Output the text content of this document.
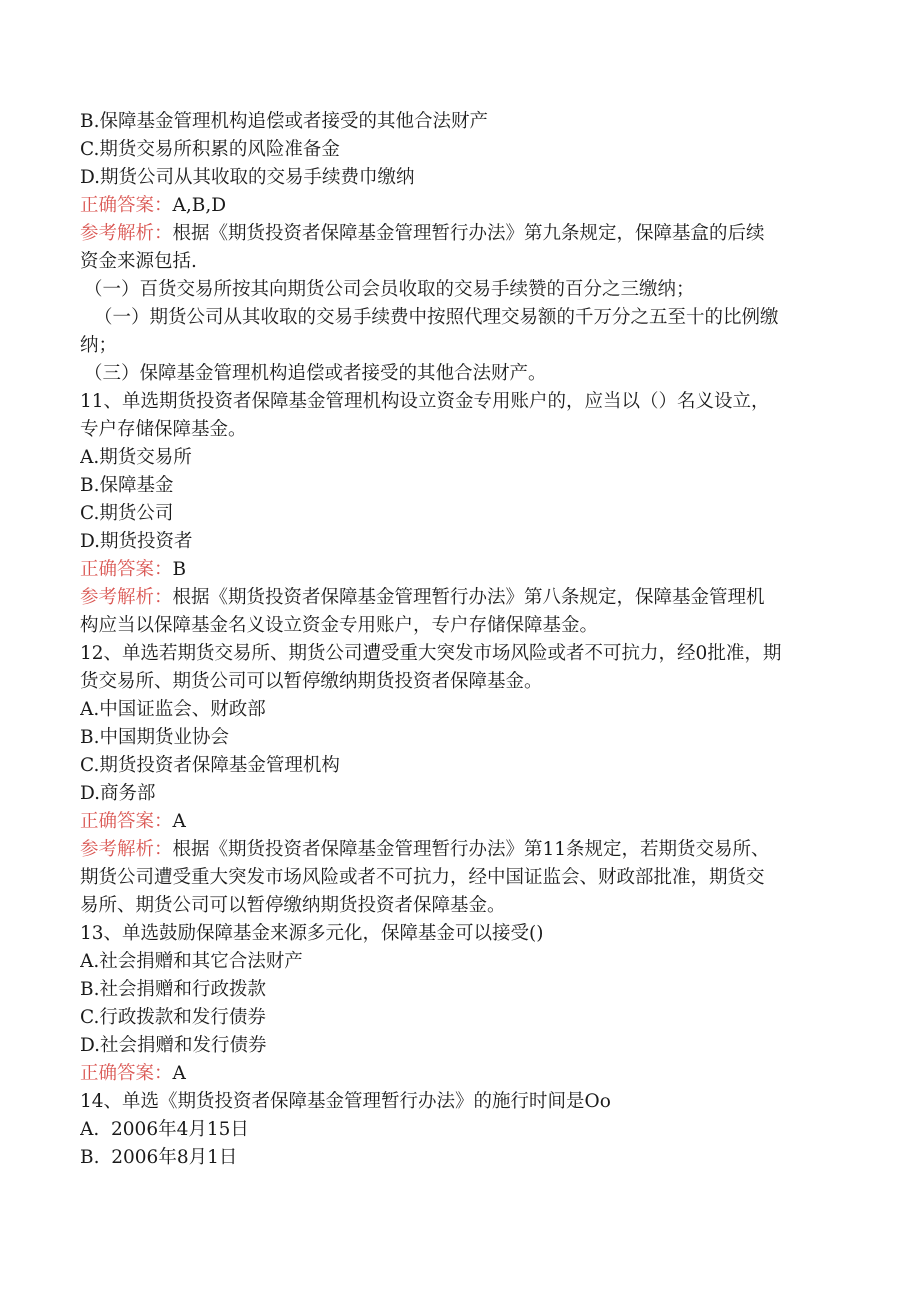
B.保障基金管理机构追偿或者接受的其他合法财产
C.期货交易所积累的风险准备金
D.期货公司从其收取的交易手续费巾缴纳
正确答案：A,B,D
参考解析：根据《期货投资者保障基金管理暂行办法》第九条规定，保障基盒的后续
资金来源包括.
（一）百货交易所按其向期货公司会员收取的交易手续赞的百分之三缴纳；
（一）期货公司从其收取的交易手续费中按照代理交易额的千万分之五至十的比例缴
纳；
（三）保障基金管理机构追偿或者接受的其他合法财产。
11、单选期货投资者保障基金管理机构设立资金专用账户的，应当以（）名义设立，
专户存储保障基金。
A.期货交易所
B.保障基金
C.期货公司
D.期货投资者
正确答案：B
参考解析：根据《期货投资者保障基金管理暂行办法》第八条规定，保障基金管理机
构应当以保障基金名义设立资金专用账户，专户存储保障基金。
12、单选若期货交易所、期货公司遭受重大突发市场风险或者不可抗力，经0批准，期
货交易所、期货公司可以暂停缴纳期货投资者保障基金。
A.中国证监会、财政部
B.中国期货业协会
C.期货投资者保障基金管理机构
D.商务部
正确答案：A
参考解析：根据《期货投资者保障基金管理暂行办法》第11条规定，若期货交易所、
期货公司遭受重大突发市场风险或者不可抗力，经中国证监会、财政部批准，期货交
易所、期货公司可以暂停缴纳期货投资者保障基金。
13、单选鼓励保障基金来源多元化，保障基金可以接受()
A.社会捐赠和其它合法财产
B.社会捐赠和行政拨款
C.行政拨款和发行债券
D.社会捐赠和发行债券
正确答案：A
14、单选《期货投资者保障基金管理暂行办法》的施行时间是Oo
A.  2006年4月15日
B.  2006年8月1日
